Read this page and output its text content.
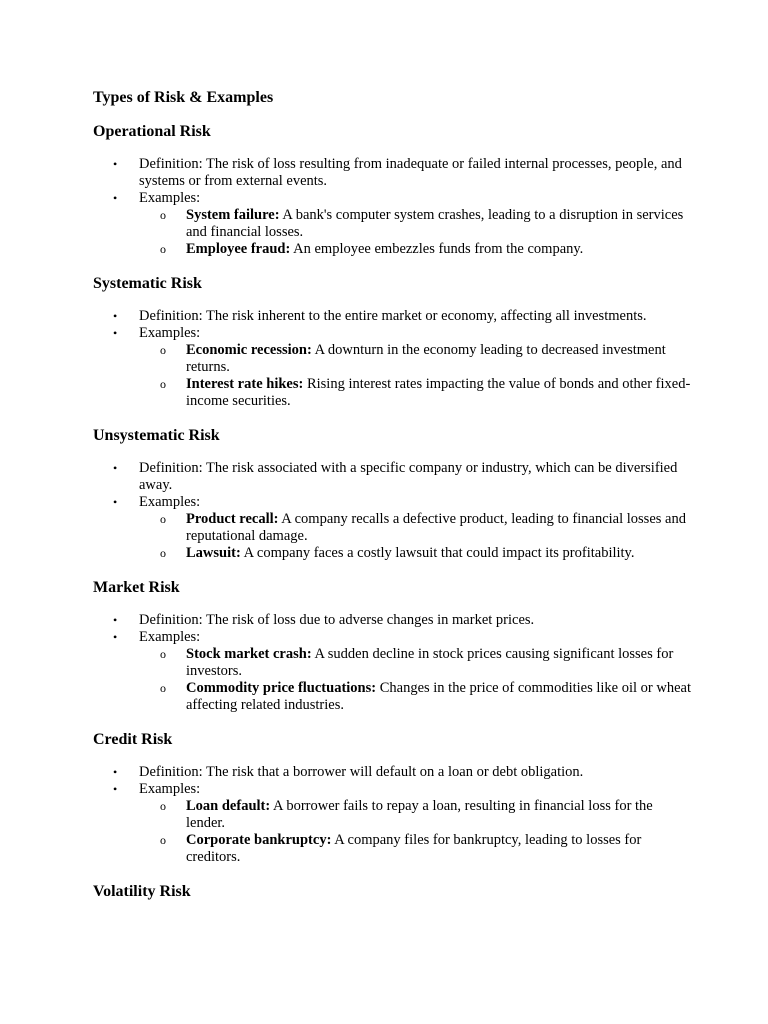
Types of Risk & Examples
Operational Risk
• Definition: The risk of loss resulting from inadequate or failed internal processes, people, and systems or from external events.
• Examples:
o System failure: A bank's computer system crashes, leading to a disruption in services and financial losses.
o Employee fraud: An employee embezzles funds from the company.
Systematic Risk
• Definition: The risk inherent to the entire market or economy, affecting all investments.
• Examples:
o Economic recession: A downturn in the economy leading to decreased investment returns.
o Interest rate hikes: Rising interest rates impacting the value of bonds and other fixed-income securities.
Unsystematic Risk
• Definition: The risk associated with a specific company or industry, which can be diversified away.
• Examples:
o Product recall: A company recalls a defective product, leading to financial losses and reputational damage.
o Lawsuit: A company faces a costly lawsuit that could impact its profitability.
Market Risk
• Definition: The risk of loss due to adverse changes in market prices.
• Examples:
o Stock market crash: A sudden decline in stock prices causing significant losses for investors.
o Commodity price fluctuations: Changes in the price of commodities like oil or wheat affecting related industries.
Credit Risk
• Definition: The risk that a borrower will default on a loan or debt obligation.
• Examples:
o Loan default: A borrower fails to repay a loan, resulting in financial loss for the lender.
o Corporate bankruptcy: A company files for bankruptcy, leading to losses for creditors.
Volatility Risk
